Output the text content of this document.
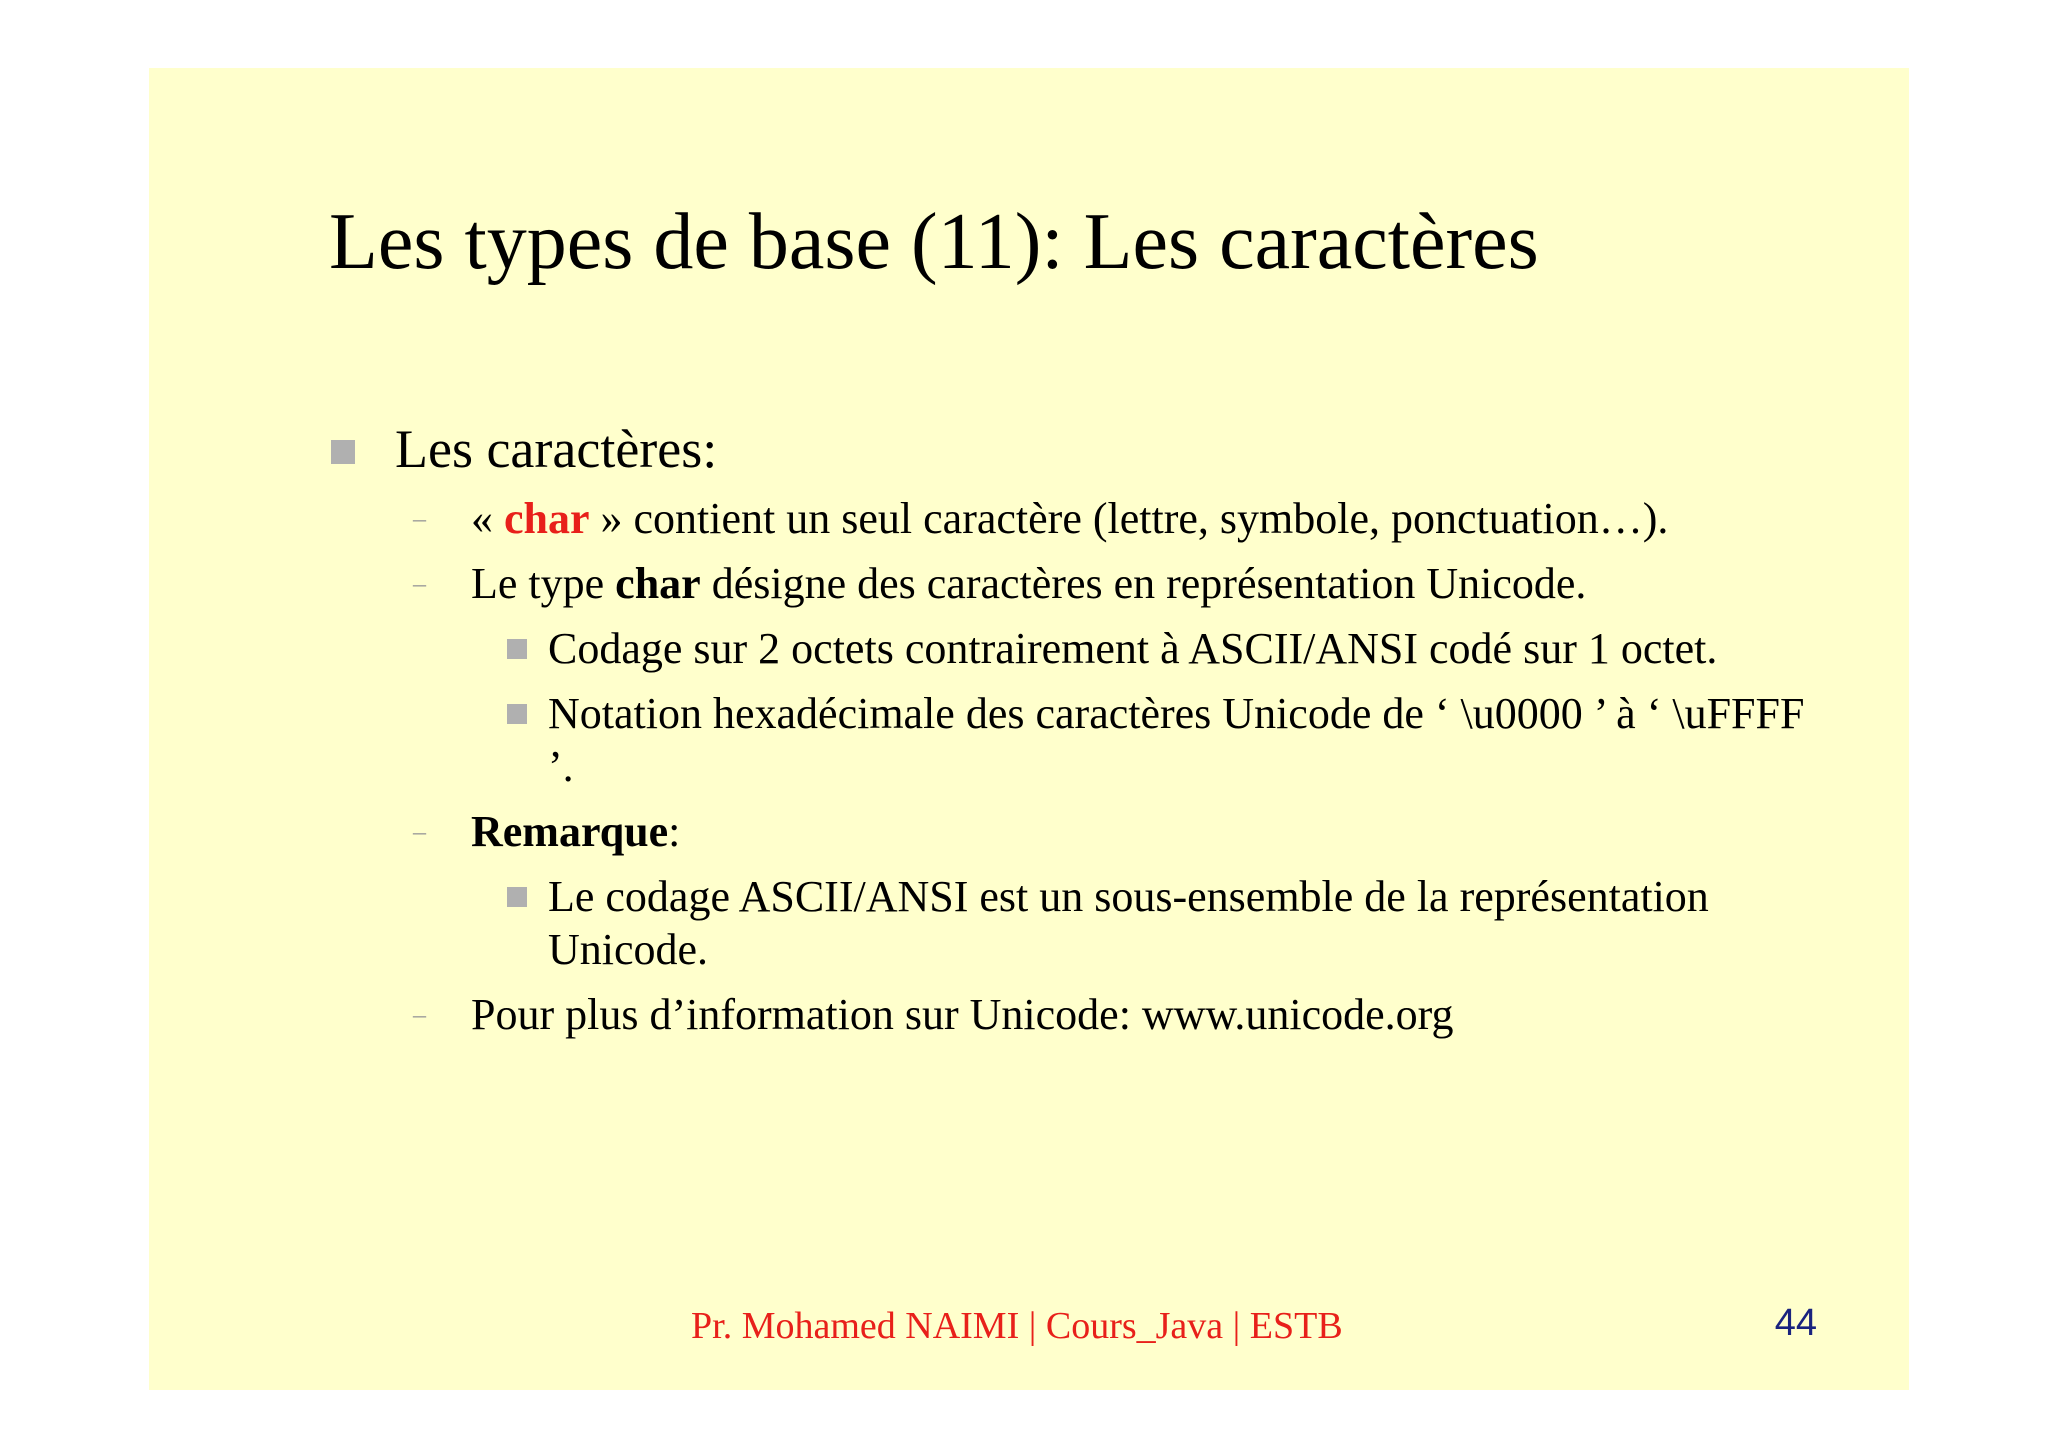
Les types de base (11): Les caractères
Les caractères:
– « char » contient un seul caractère (lettre, symbole, ponctuation…).
– Le type char désigne des caractères en représentation Unicode.
Codage sur 2 octets contrairement à ASCII/ANSI codé sur 1 octet.
Notation hexadécimale des caractères Unicode de ‘ \u0000 ’ à ‘ \uFFFF ’.
– Remarque:
Le codage ASCII/ANSI est un sous-ensemble de la représentation Unicode.
– Pour plus d’information sur Unicode: www.unicode.org
Pr. Mohamed NAIMI | Cours_Java | ESTB	44
